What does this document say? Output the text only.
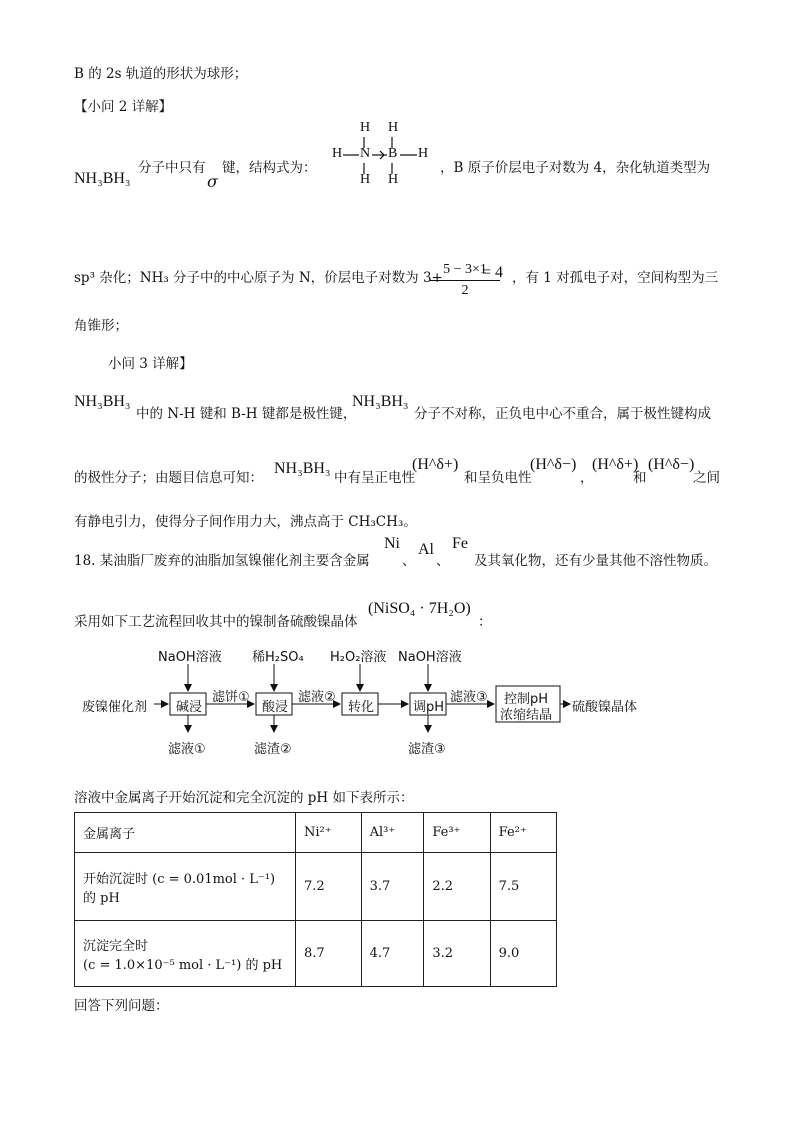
B 的 2s 轨道的形状为球形；
【小问 2 详解】
NH₃BH₃
分子中只有
σ
键，结构式为：
H H
H N B H
H H
，B 原子价层电子对数为 4，杂化轨道类型为
sp³ 杂化；NH₃ 分子中的中心原子为 N，价层电子对数为 3+
5 − 3×1
2
= 4 ，有 1 对孤电子对，空间构型为三
角锥形；
小问 3 详解】
NH₃BH₃
中的 N-H 键和 B-H 键都是极性键，
NH₃BH₃
分子不对称，正负电中心不重合，属于极性键构成
的极性分子；由题目信息可知：
NH₃BH₃
中有呈正电性
(H^δ+)
和呈负电性
(H^δ−)
，
(H^δ+)
和
(H^δ−)
之间
有静电引力，使得分子间作用力大，沸点高于 CH₃CH₃。
18. 某油脂厂废弃的油脂加氢镍催化剂主要含金属
Ni
、
Al
、
Fe
及其氧化物，还有少量其他不溶性物质。
采用如下工艺流程回收其中的镍制备硫酸镍晶体
(NiSO₄ · 7H₂O)
：
废镍催化剂 碱浸	酸浸	转化	调pH
控制pH
浓缩结晶
硫酸镍晶体
NaOH溶液 稀H₂SO₄ H₂O₂溶液 NaOH溶液
滤饼①	滤液②	滤液③
滤液①	滤渣②	滤渣③
溶液中金属离子开始沉淀和完全沉淀的 pH 如下表所示：
金属离子	Ni²⁺	Al³⁺	Fe³⁺	Fe²⁺

开始沉淀时 (c = 0.01mol · L⁻¹)
的 pH	7.2	3.7	2.2	7.5

沉淀完全时
(c = 1.0×10⁻⁵ mol · L⁻¹) 的 pH	8.7	4.7	3.2	9.0
回答下列问题：
